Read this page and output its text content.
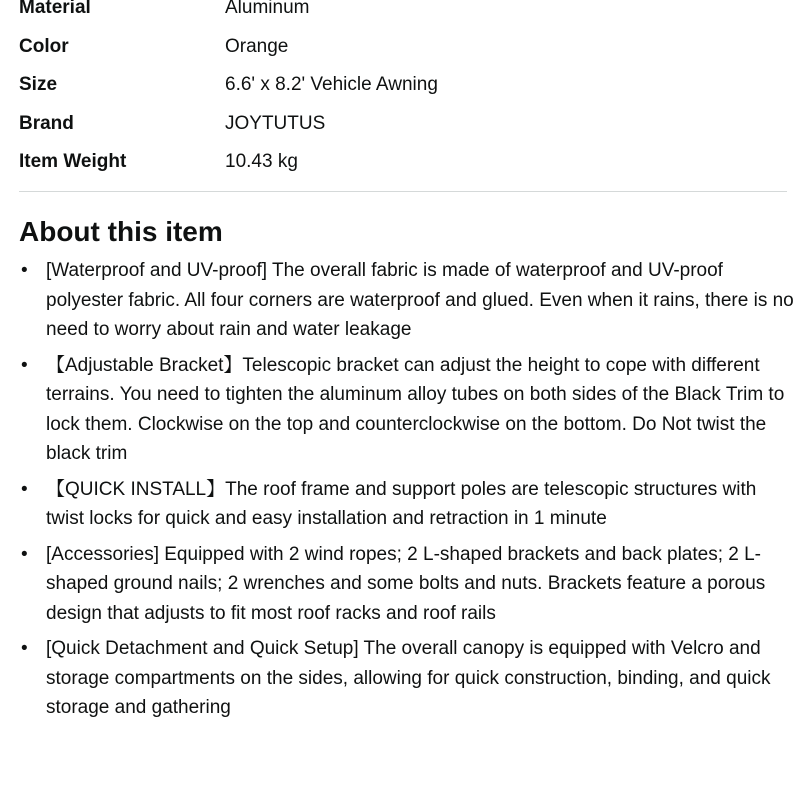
Material	Aluminum
Color	Orange
Size	6.6' x 8.2' Vehicle Awning
Brand	JOYTUTUS
Item Weight	10.43 kg
About this item
• [Waterproof and UV-proof] The overall fabric is made of waterproof and UV-proof polyester fabric. All four corners are waterproof and glued. Even when it rains, there is no need to worry about rain and water leakage
• 【Adjustable Bracket】Telescopic bracket can adjust the height to cope with different terrains. You need to tighten the aluminum alloy tubes on both sides of the Black Trim to lock them. Clockwise on the top and counterclockwise on the bottom. Do Not twist the black trim
• 【QUICK INSTALL】The roof frame and support poles are telescopic structures with twist locks for quick and easy installation and retraction in 1 minute
• [Accessories] Equipped with 2 wind ropes; 2 L-shaped brackets and back plates; 2 L-shaped ground nails; 2 wrenches and some bolts and nuts. Brackets feature a porous design that adjusts to fit most roof racks and roof rails
• [Quick Detachment and Quick Setup] The overall canopy is equipped with Velcro and storage compartments on the sides, allowing for quick construction, binding, and quick storage and gathering
